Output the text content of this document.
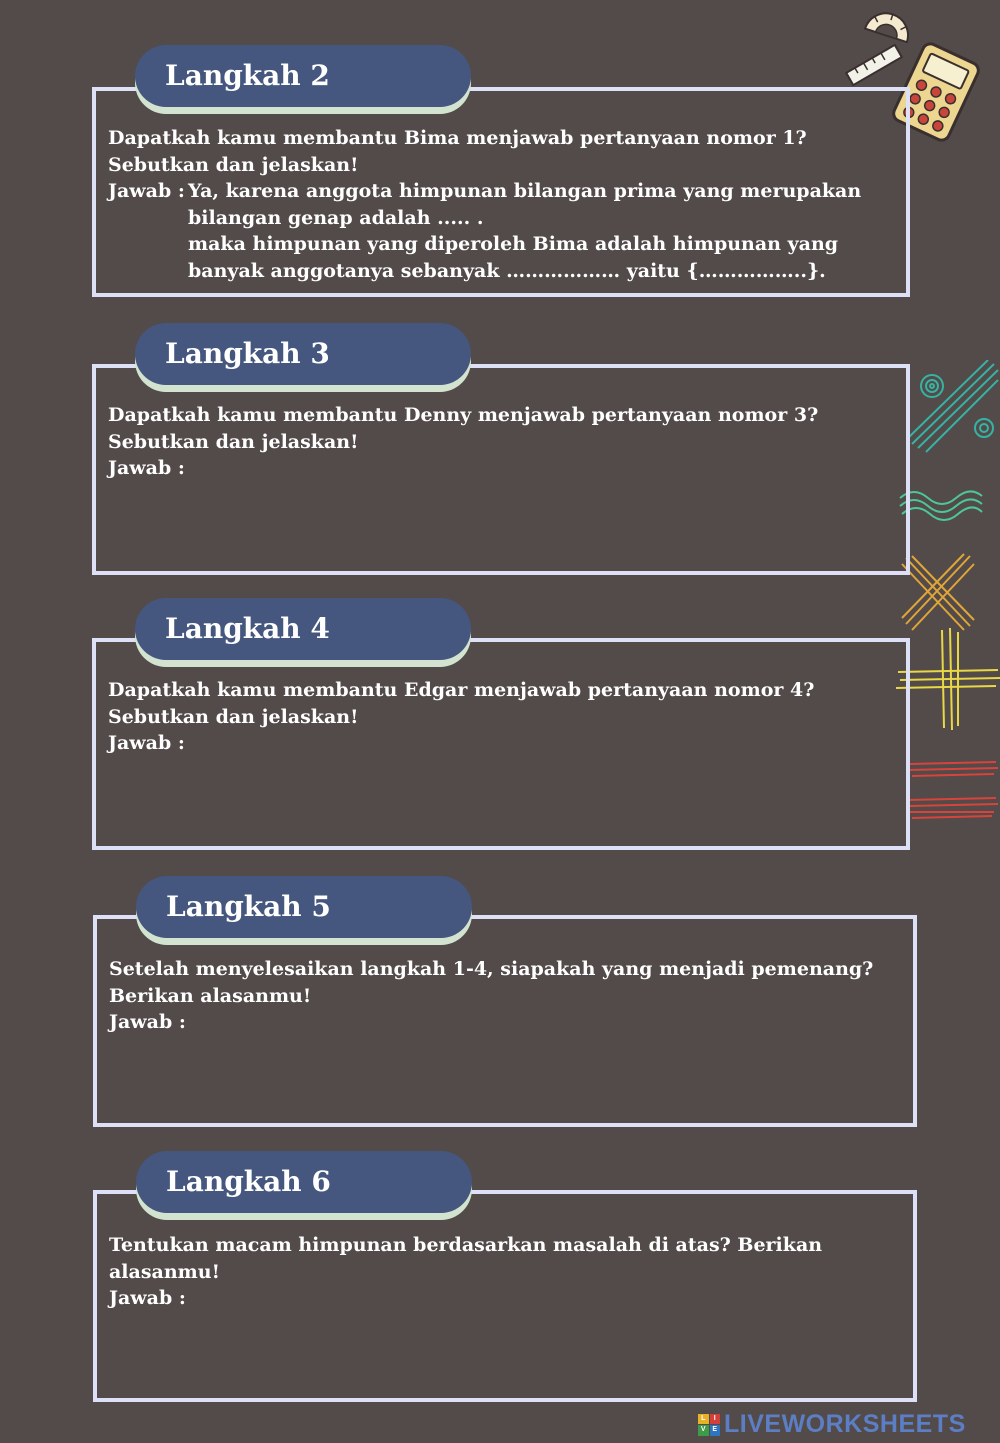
Dapatkah kamu membantu Bima menjawab pertanyaan nomor 1? Sebutkan dan jelaskan!

Jawab : Ya, karena anggota himpunan bilangan prima yang merupakan bilangan genap adalah ..... .

maka himpunan yang diperoleh Bima adalah himpunan yang banyak anggotanya sebanyak ……………… yaitu {……………..}.

Langkah 2

Dapatkah kamu membantu Denny menjawab pertanyaan nomor 3? Sebutkan dan jelaskan!

Jawab :

Langkah 3

Dapatkah kamu membantu Edgar menjawab pertanyaan nomor 4? Sebutkan dan jelaskan!

Jawab :

Langkah 4

Setelah menyelesaikan langkah 1-4, siapakah yang menjadi pemenang? Berikan alasanmu!

Jawab :

Langkah 5

Tentukan macam himpunan berdasarkan masalah di atas? Berikan alasanmu!

Jawab :

Langkah 6
L	I
V E LIVEWORKSHEETS
